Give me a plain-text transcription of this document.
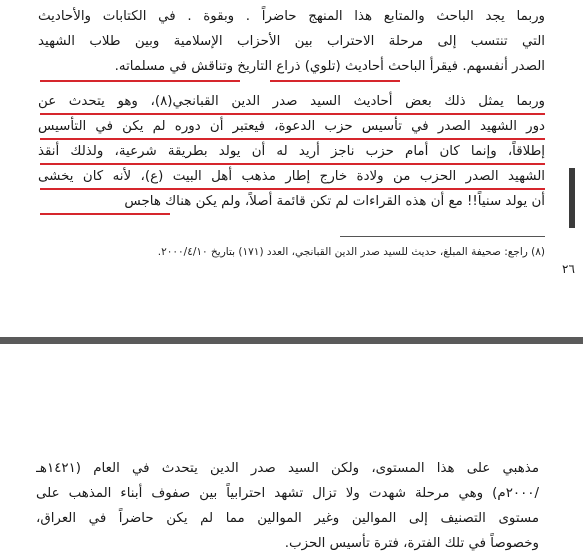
وربما يجد الباحث والمتابع هذا المنهج حاضراً . وبقوة . في الكتابات والأحاديث
التي تنتسب إلى مرحلة الاحتراب بين الأحزاب الإسلامية وبين طلاب الشهيد
الصدر أنفسهم. فيقرأ الباحث أحاديث (تلوي) ذراع التاريخ وتناقش في مسلماته.
وربما يمثل ذلك بعض أحاديث السيد صدر الدين القبانجي(٨)، وهو يتحدث عن
دور الشهيد الصدر في تأسيس حزب الدعوة، فيعتبر أن دوره لم يكن في التأسيس
إطلاقاً، وإنما كان أمام حزب ناجز أريد له أن يولد بطريقة شرعية، ولذلك أنقذ
الشهيد الصدر الحزب من ولادة خارج إطار مذهب أهل البيت (ع)، لأنه كان يخشى
أن يولد سنياً!! مع أن هذه القراءات لم تكن قائمة أصلاً، ولم يكن هناك هاجس
(٨) راجع: صحيفة المبلغ، حديث للسيد صدر الدين القبانجي، العدد (١٧١) بتاريخ ٢٠٠٠/٤/١٠.
٢٦
مذهبي على هذا المستوى، ولكن السيد صدر الدين يتحدث في العام (١٤٢١هـ
/٢٠٠٠م) وهي مرحلة شهدت ولا تزال تشهد احترابياً بين صفوف أبناء المذهب على
مستوى التصنيف إلى الموالين وغير الموالين مما لم يكن حاضراً في العراق،
وخصوصاً في تلك الفترة، فترة تأسيس الحزب.
